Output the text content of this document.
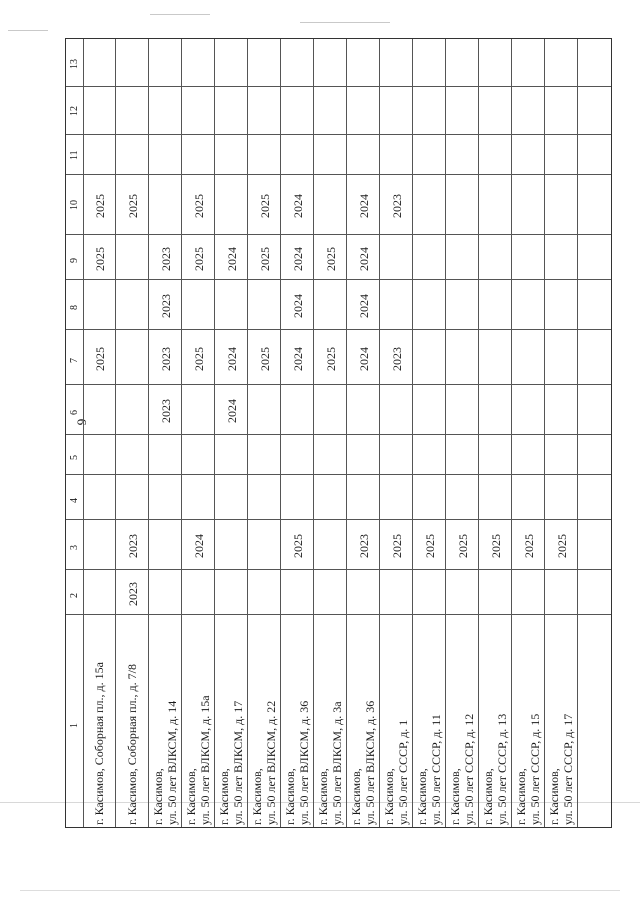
9
13
12
11
10
9
8
7
6
5
4
3
2
1 г. Касимов, Соборная пл., д. 15а
2025
2025
2025
г. Касимов, Соборная пл., д. 7/8
2023
2023
2025
г. Касимов, ул. 50 лет ВЛКСМ, д. 14
2023
2023
2023
2023
г. Касимов, ул. 50 лет ВЛКСМ, д. 15а
2024
2025
2025
2025
г. Касимов, ул. 50 лет ВЛКСМ, д. 17
2024
2024
2024
г. Касимов, ул. 50 лет ВЛКСМ, д. 22
2025
2025
2025
г. Касимов, ул. 50 лет ВЛКСМ, д. 36
2025
2024
2024
2024
2024
г. Касимов, ул. 50 лет ВЛКСМ, д. 3а
2025
2025
г. Касимов, ул. 50 лет ВЛКСМ, д. 36
2023
2024
2024
2024
2024
г. Касимов, ул. 50 лет СССР, д. 1
2025
2023
2023
г. Касимов, ул. 50 лет СССР, д. 11
2025
г. Касимов, ул. 50 лет СССР, д. 12
2025
г. Касимов, ул. 50 лет СССР, д. 13
2025
г. Касимов, ул. 50 лет СССР, д. 15
2025
г. Касимов, ул. 50 лет СССР, д. 17
2025
